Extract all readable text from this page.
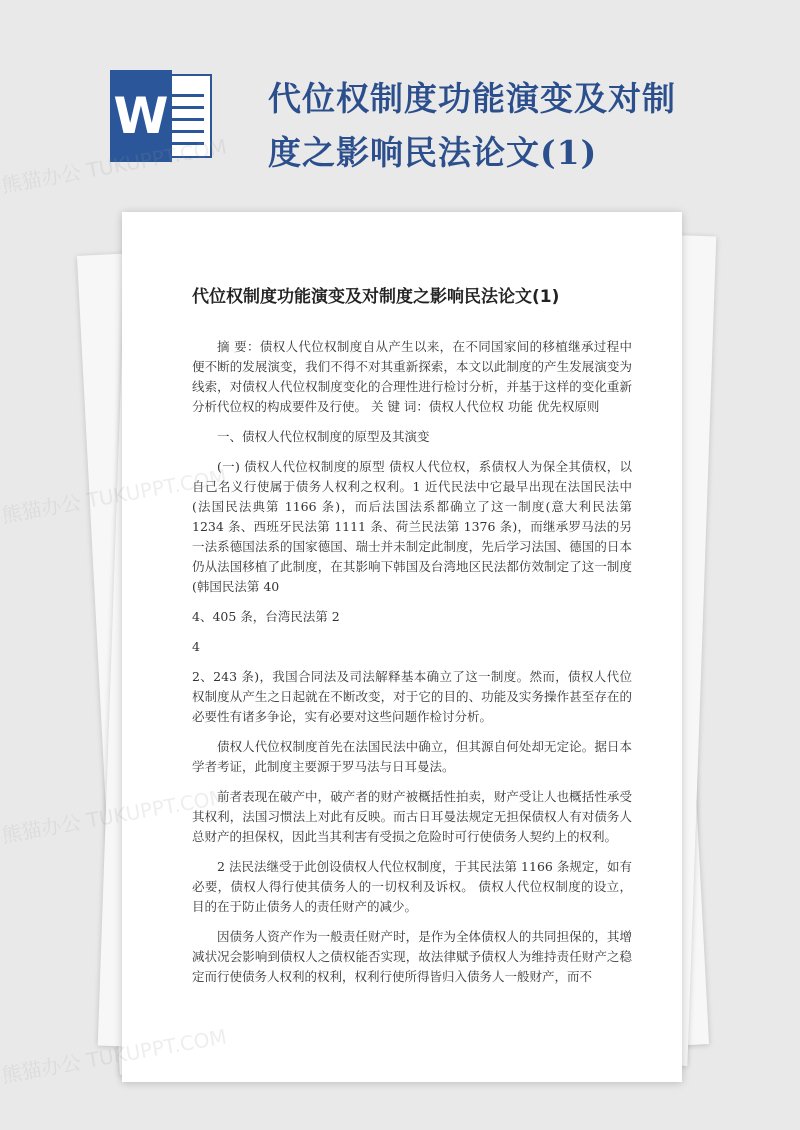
W	代位权制度功能演变及对制度之影响民法论文(1)
代位权制度功能演变及对制度之影响民法论文(1)

摘 要：债权人代位权制度自从产生以来，在不同国家间的移植继承过程中便不断的发展演变，我们不得不对其重新探索，本文以此制度的产生发展演变为线索，对债权人代位权制度变化的合理性进行检讨分析，并基于这样的变化重新分析代位权的构成要件及行使。 关 键 词：债权人代位权 功能 优先权原则

一、债权人代位权制度的原型及其演变

(一) 债权人代位权制度的原型 债权人代位权，系债权人为保全其债权，以自己名义行使属于债务人权利之权利。1 近代民法中它最早出现在法国民法中(法国民法典第 1166 条)，而后法国法系都确立了这一制度(意大利民法第 1234 条、西班牙民法第 1111 条、荷兰民法第 1376 条)，而继承罗马法的另一法系德国法系的国家德国、瑞士并未制定此制度，先后学习法国、德国的日本仍从法国移植了此制度，在其影响下韩国及台湾地区民法都仿效制定了这一制度(韩国民法第 40

4、405 条，台湾民法第 2

4

2、243 条)，我国合同法及司法解释基本确立了这一制度。然而，债权人代位权制度从产生之日起就在不断改变，对于它的目的、功能及实务操作甚至存在的必要性有诸多争论，实有必要对这些问题作检讨分析。

债权人代位权制度首先在法国民法中确立，但其源自何处却无定论。据日本学者考证，此制度主要源于罗马法与日耳曼法。

前者表现在破产中，破产者的财产被概括性拍卖，财产受让人也概括性承受其权利，法国习惯法上对此有反映。而古日耳曼法规定无担保债权人有对债务人总财产的担保权，因此当其利害有受损之危险时可行使债务人契约上的权利。

2 法民法继受于此创设债权人代位权制度，于其民法第 1166 条规定，如有必要，债权人得行使其债务人的一切权利及诉权。 债权人代位权制度的设立，目的在于防止债务人的责任财产的减少。

因债务人资产作为一般责任财产时，是作为全体债权人的共同担保的，其增减状况会影响到债权人之债权能否实现，故法律赋予债权人为维持责任财产之稳定而行使债务人权利的权利，权利行使所得皆归入债务人一般财产，而不

熊猫办公 TUKUPPT.COM
熊猫办公
熊猫办公
熊猫办公 TUKUPPT.COM
